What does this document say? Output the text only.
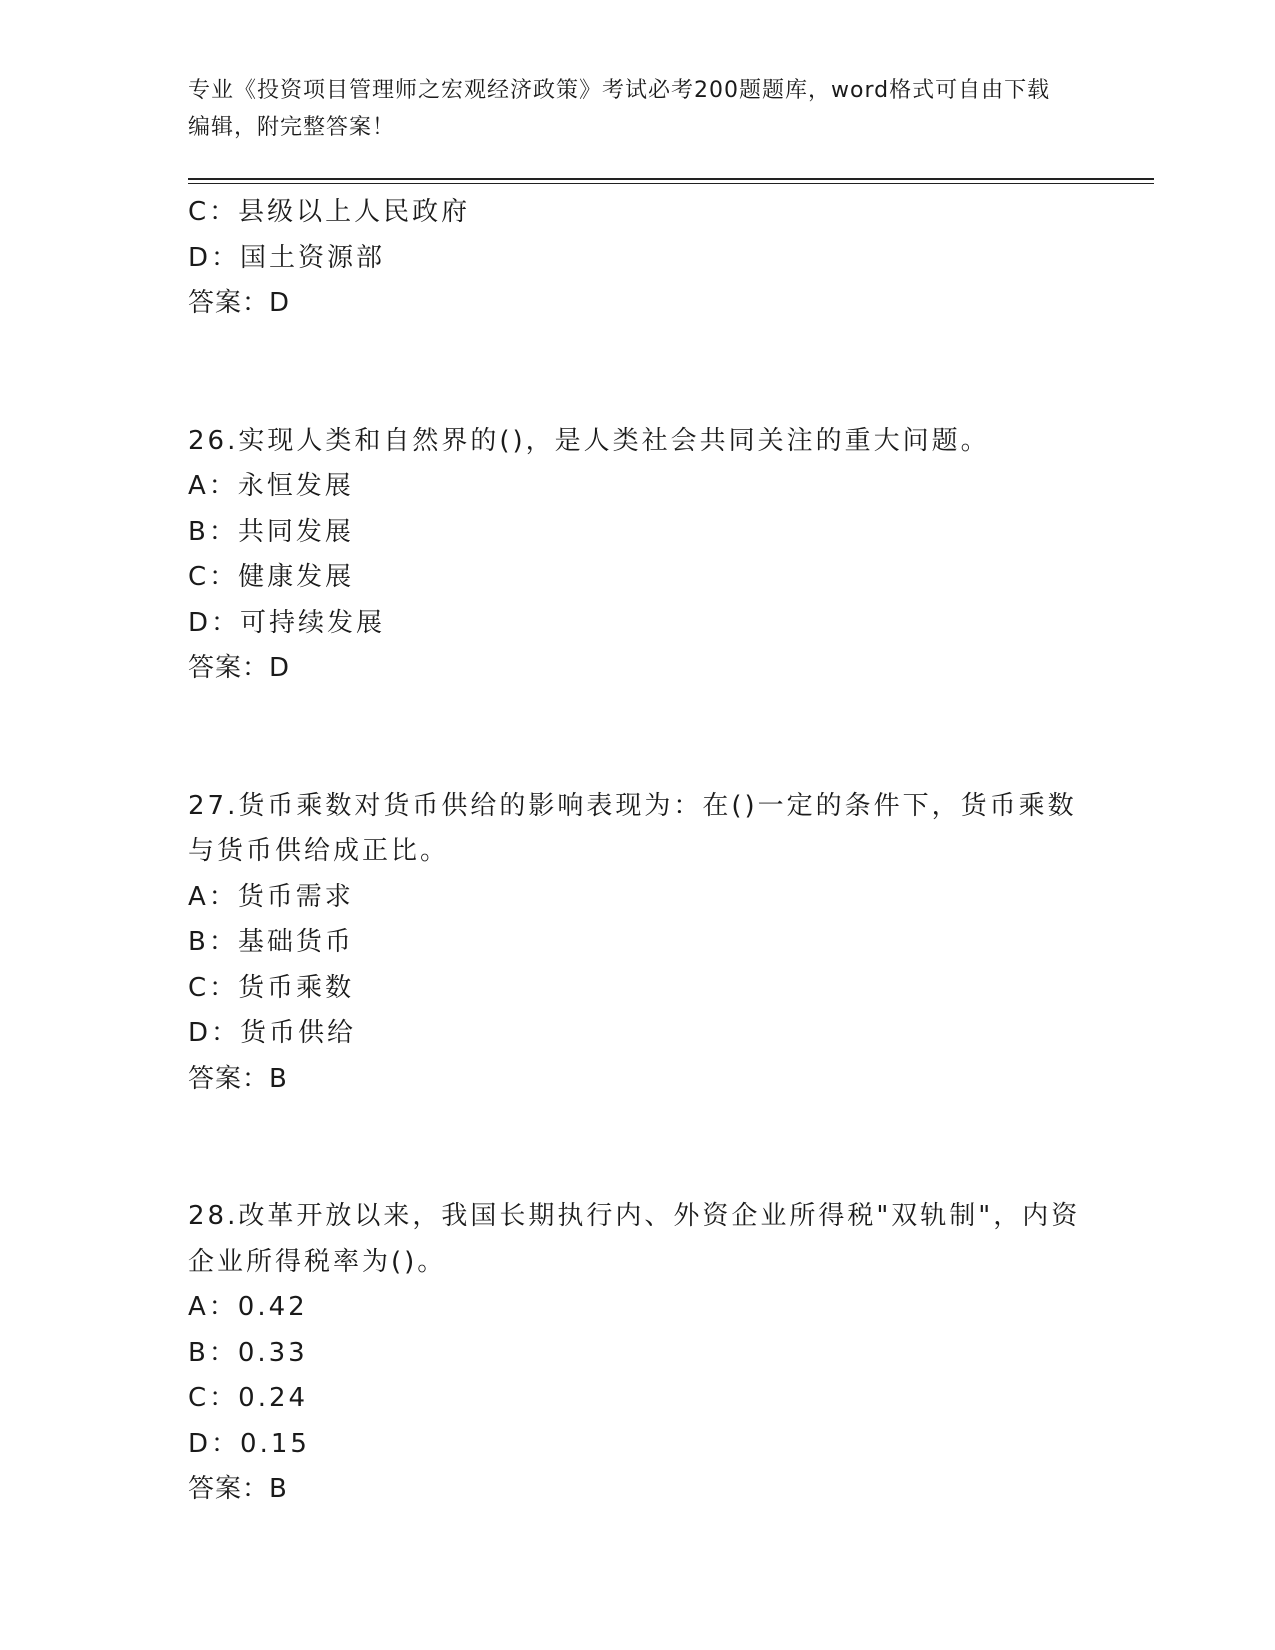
专业《投资项目管理师之宏观经济政策》考试必考200题题库，word格式可自由下载编辑，附完整答案！
C：县级以上人民政府
D：国土资源部
答案：D
26.实现人类和自然界的()，是人类社会共同关注的重大问题。
A：永恒发展
B：共同发展
C：健康发展
D：可持续发展
答案：D
27.货币乘数对货币供给的影响表现为：在()一定的条件下，货币乘数与货币供给成正比。
A：货币需求
B：基础货币
C：货币乘数
D：货币供给
答案：B
28.改革开放以来，我国长期执行内、外资企业所得税"双轨制"，内资企业所得税率为()。
A：0.42
B：0.33
C：0.24
D：0.15
答案：B
